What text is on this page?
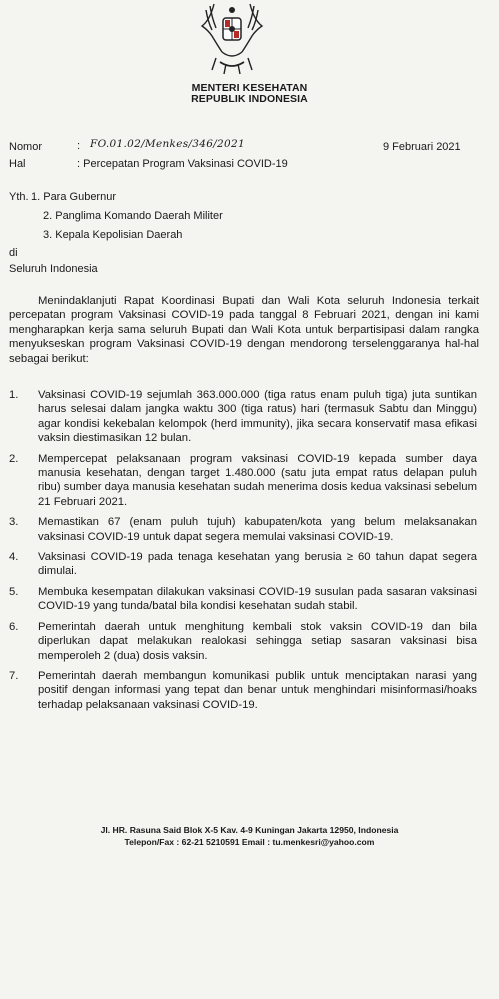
MENTERI KESEHATAN
REPUBLIK INDONESIA
Nomor	: FO.01.02/Menkes/346/2021	9 Februari 2021
Hal	: Percepatan Program Vaksinasi COVID-19
Yth. 1. Para Gubernur
2. Panglima Komando Daerah Militer
3. Kepala Kepolisian Daerah
di
Seluruh Indonesia
Menindaklanjuti Rapat Koordinasi Bupati dan Wali Kota seluruh Indonesia terkait percepatan program Vaksinasi COVID-19 pada tanggal 8 Februari 2021, dengan ini kami mengharapkan kerja sama seluruh Bupati dan Wali Kota untuk berpartisipasi dalam rangka menyukseskan program Vaksinasi COVID-19 dengan mendorong terselenggaranya hal-hal sebagai berikut:
1. Vaksinasi COVID-19 sejumlah 363.000.000 (tiga ratus enam puluh tiga) juta suntikan harus selesai dalam jangka waktu 300 (tiga ratus) hari (termasuk Sabtu dan Minggu) agar kondisi kekebalan kelompok (herd immunity), jika secara konservatif masa efikasi vaksin diestimasikan 12 bulan.
2. Mempercepat pelaksanaan program vaksinasi COVID-19 kepada sumber daya manusia kesehatan, dengan target 1.480.000 (satu juta empat ratus delapan puluh ribu) sumber daya manusia kesehatan sudah menerima dosis kedua vaksinasi sebelum 21 Februari 2021.
3. Memastikan 67 (enam puluh tujuh) kabupaten/kota yang belum melaksanakan vaksinasi COVID-19 untuk dapat segera memulai vaksinasi COVID-19.
4. Vaksinasi COVID-19 pada tenaga kesehatan yang berusia ≥ 60 tahun dapat segera dimulai.
5. Membuka kesempatan dilakukan vaksinasi COVID-19 susulan pada sasaran vaksinasi COVID-19 yang tunda/batal bila kondisi kesehatan sudah stabil.
6. Pemerintah daerah untuk menghitung kembali stok vaksin COVID-19 dan bila diperlukan dapat melakukan realokasi sehingga setiap sasaran vaksinasi bisa memperoleh 2 (dua) dosis vaksin.
7. Pemerintah daerah membangun komunikasi publik untuk menciptakan narasi yang positif dengan informasi yang tepat dan benar untuk menghindari misinformasi/hoaks terhadap pelaksanaan vaksinasi COVID-19.
Jl. HR. Rasuna Said Blok X-5 Kav. 4-9 Kuningan Jakarta 12950, Indonesia
Telepon/Fax : 62-21 5210591 Email : tu.menkesri@yahoo.com
